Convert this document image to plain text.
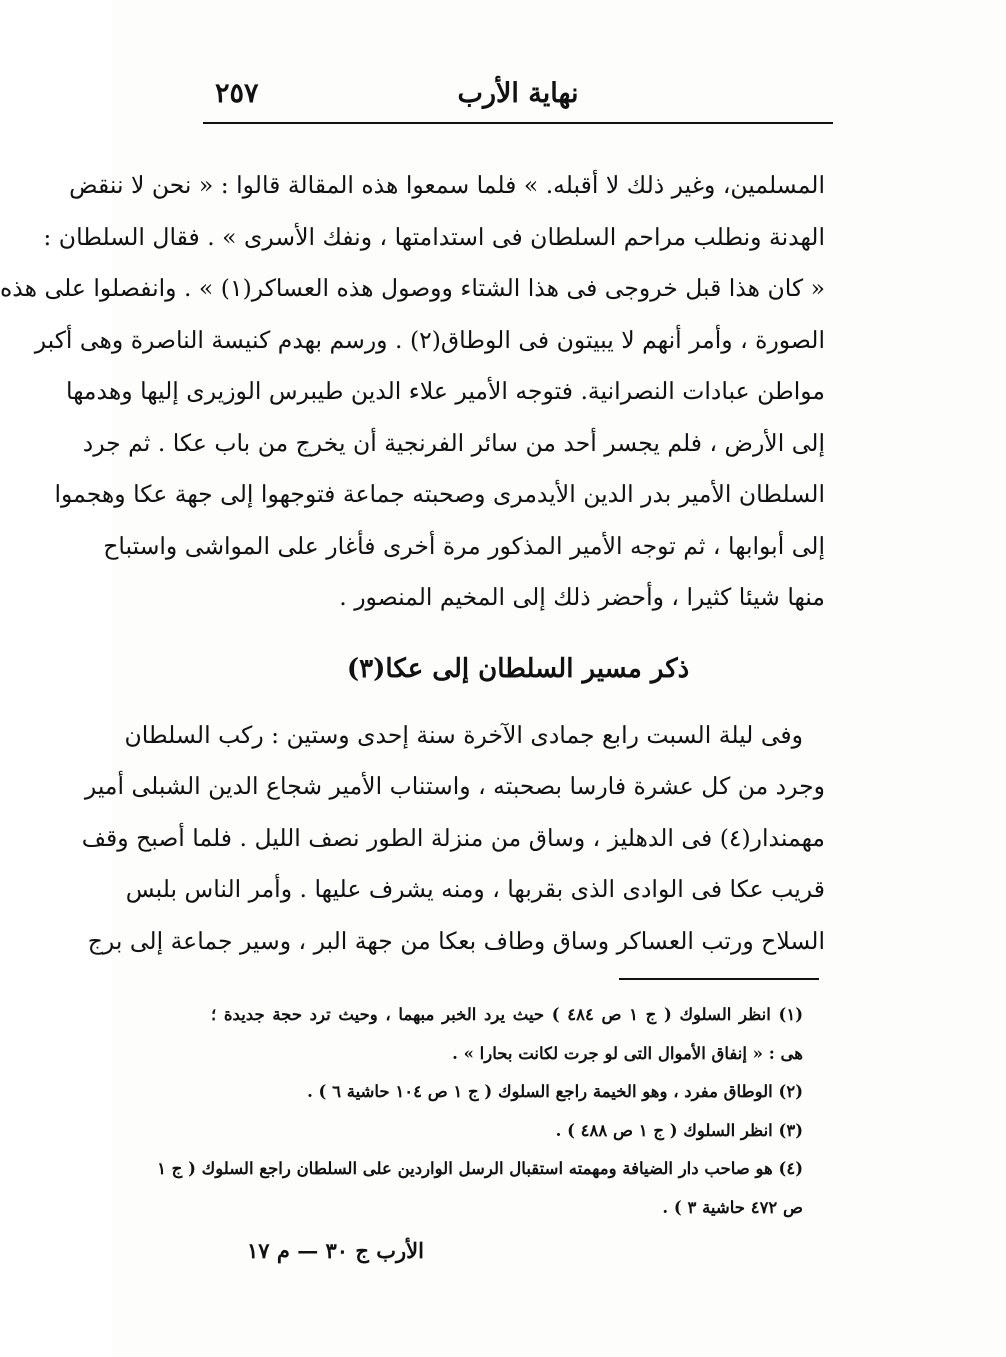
نهاية الأرب
٢٥٧
المسلمين، وغير ذلك لا أقبله. » فلما سمعوا هذه المقالة قالوا : « نحن لا ننقض
الهدنة ونطلب مراحم السلطان فى استدامتها ، ونفك الأسرى » . فقال السلطان :
« كان هذا قبل خروجى فى هذا الشتاء ووصول هذه العساكر(١) » . وانفصلوا على هذه
الصورة ، وأمر أنهم لا يبيتون فى الوطاق(٢) . ورسم بهدم كنيسة الناصرة وهى أكبر
مواطن عبادات النصرانية. فتوجه الأمير علاء الدين طيبرس الوزيرى إليها وهدمها
إلى الأرض ، فلم يجسر أحد من سائر الفرنجية أن يخرج من باب عكا . ثم جرد
السلطان الأمير بدر الدين الأيدمرى وصحبته جماعة فتوجهوا إلى جهة عكا وهجموا
إلى أبوابها ، ثم توجه الأمير المذكور مرة أخرى فأغار على المواشى واستباح
منها شيئا كثيرا ، وأحضر ذلك إلى المخيم المنصور .
ذكر مسير السلطان إلى عكا(٣)
وفى ليلة السبت رابع جمادى الآخرة سنة إحدى وستين : ركب السلطان
وجرد من كل عشرة فارسا بصحبته ، واستناب الأمير شجاع الدين الشبلى أمير
مهمندار(٤) فى الدهليز ، وساق من منزلة الطور نصف الليل . فلما أصبح وقف
قريب عكا فى الوادى الذى بقربها ، ومنه يشرف عليها . وأمر الناس بلبس
السلاح ورتب العساكر وساق وطاف بعكا من جهة البر ، وسير جماعة إلى برج
(١) انظر السلوك ( ج ١ ص ٤٨٤ ) حيث يرد الخبر مبهما ، وحيث ترد حجة جديدة ؛
هى : « إنفاق الأموال التى لو جرت لكانت بحارا » .
(٢) الوطاق مفرد ، وهو الخيمة راجع السلوك ( ج ١ ص ١٠٤ حاشية ٦ ) .
(٣) انظر السلوك ( ج ١ ص ٤٨٨ ) .
(٤) هو صاحب دار الضيافة ومهمته استقبال الرسل الواردين على السلطان راجع السلوك ( ج ١
ص ٤٧٢ حاشية ٣ ) .
الأرب ج ٣٠ — م ١٧
